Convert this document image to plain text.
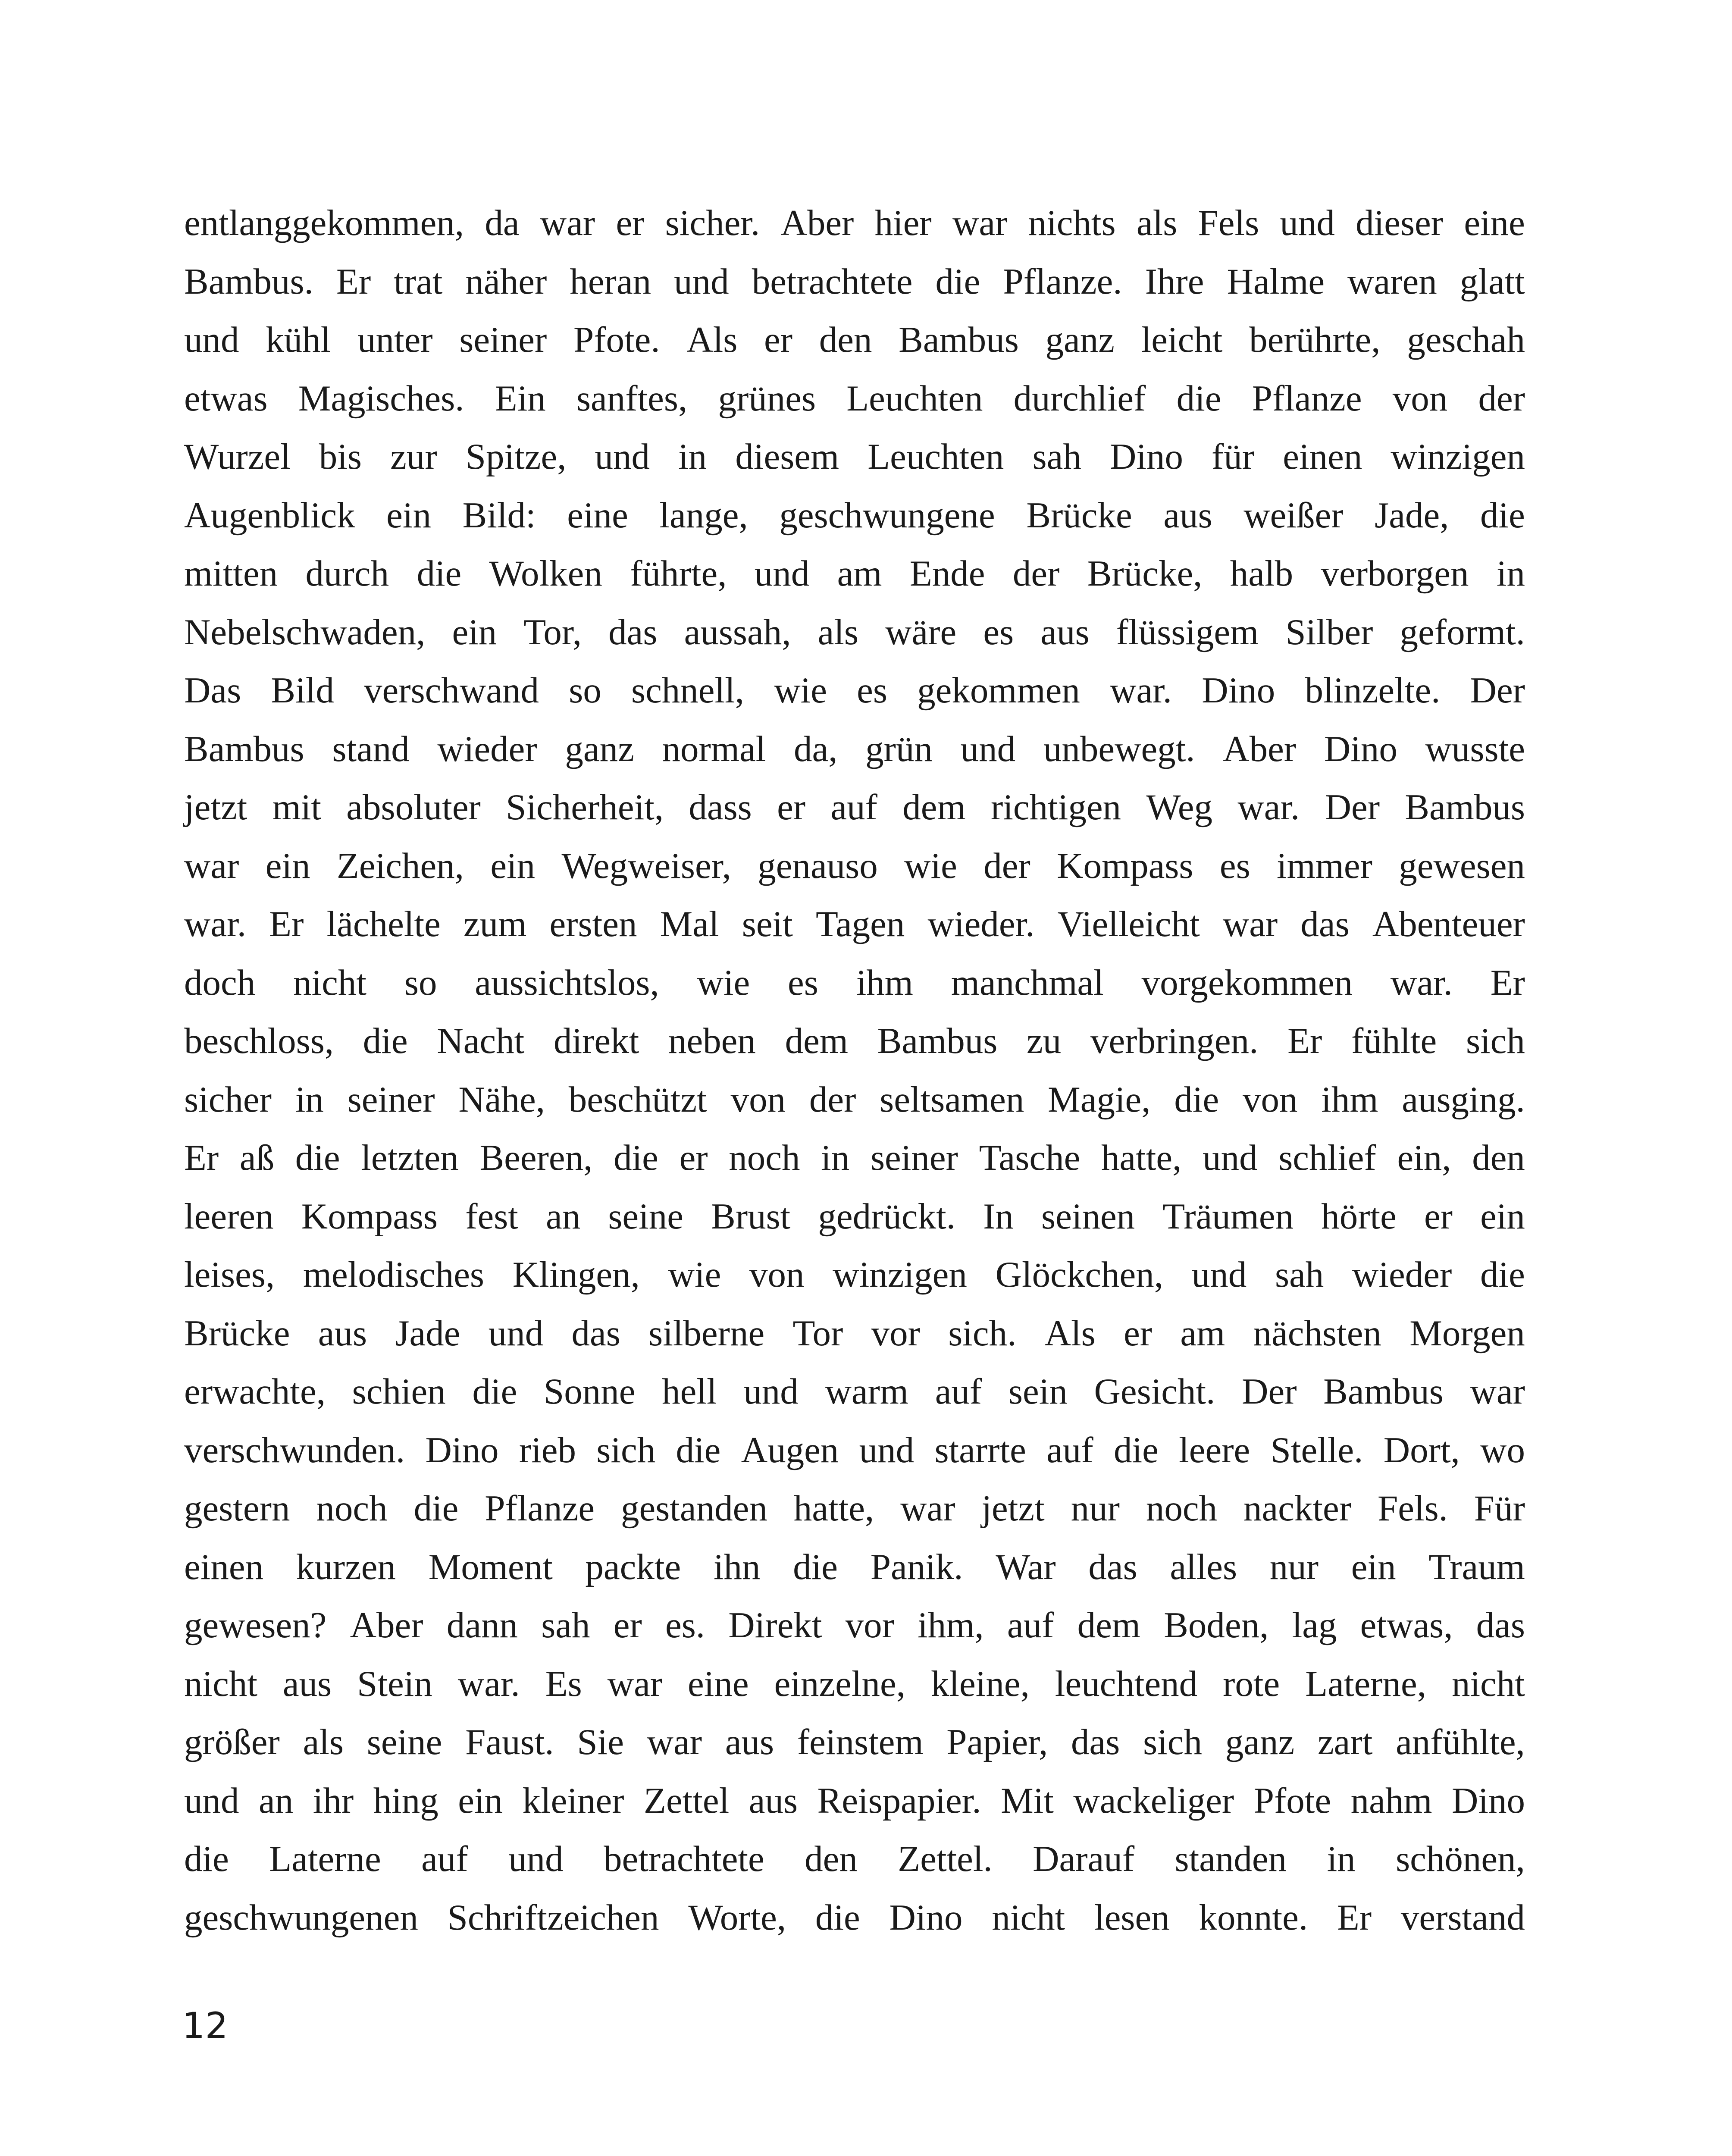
entlanggekommen, da war er sicher. Aber hier war nichts als Fels und dieser eine
Bambus. Er trat näher heran und betrachtete die Pflanze. Ihre Halme waren glatt
und kühl unter seiner Pfote. Als er den Bambus ganz leicht berührte, geschah
etwas Magisches. Ein sanftes, grünes Leuchten durchlief die Pflanze von der
Wurzel bis zur Spitze, und in diesem Leuchten sah Dino für einen winzigen
Augenblick ein Bild: eine lange, geschwungene Brücke aus weißer Jade, die
mitten durch die Wolken führte, und am Ende der Brücke, halb verborgen in
Nebelschwaden, ein Tor, das aussah, als wäre es aus flüssigem Silber geformt.
Das Bild verschwand so schnell, wie es gekommen war. Dino blinzelte. Der
Bambus stand wieder ganz normal da, grün und unbewegt. Aber Dino wusste
jetzt mit absoluter Sicherheit, dass er auf dem richtigen Weg war. Der Bambus
war ein Zeichen, ein Wegweiser, genauso wie der Kompass es immer gewesen
war. Er lächelte zum ersten Mal seit Tagen wieder. Vielleicht war das Abenteuer
doch nicht so aussichtslos, wie es ihm manchmal vorgekommen war. Er
beschloss, die Nacht direkt neben dem Bambus zu verbringen. Er fühlte sich
sicher in seiner Nähe, beschützt von der seltsamen Magie, die von ihm ausging.
Er aß die letzten Beeren, die er noch in seiner Tasche hatte, und schlief ein, den
leeren Kompass fest an seine Brust gedrückt. In seinen Träumen hörte er ein
leises, melodisches Klingen, wie von winzigen Glöckchen, und sah wieder die
Brücke aus Jade und das silberne Tor vor sich. Als er am nächsten Morgen
erwachte, schien die Sonne hell und warm auf sein Gesicht. Der Bambus war
verschwunden. Dino rieb sich die Augen und starrte auf die leere Stelle. Dort, wo
gestern noch die Pflanze gestanden hatte, war jetzt nur noch nackter Fels. Für
einen kurzen Moment packte ihn die Panik. War das alles nur ein Traum
gewesen? Aber dann sah er es. Direkt vor ihm, auf dem Boden, lag etwas, das
nicht aus Stein war. Es war eine einzelne, kleine, leuchtend rote Laterne, nicht
größer als seine Faust. Sie war aus feinstem Papier, das sich ganz zart anfühlte,
und an ihr hing ein kleiner Zettel aus Reispapier. Mit wackeliger Pfote nahm Dino
die Laterne auf und betrachtete den Zettel. Darauf standen in schönen,
geschwungenen Schriftzeichen Worte, die Dino nicht lesen konnte. Er verstand
12
